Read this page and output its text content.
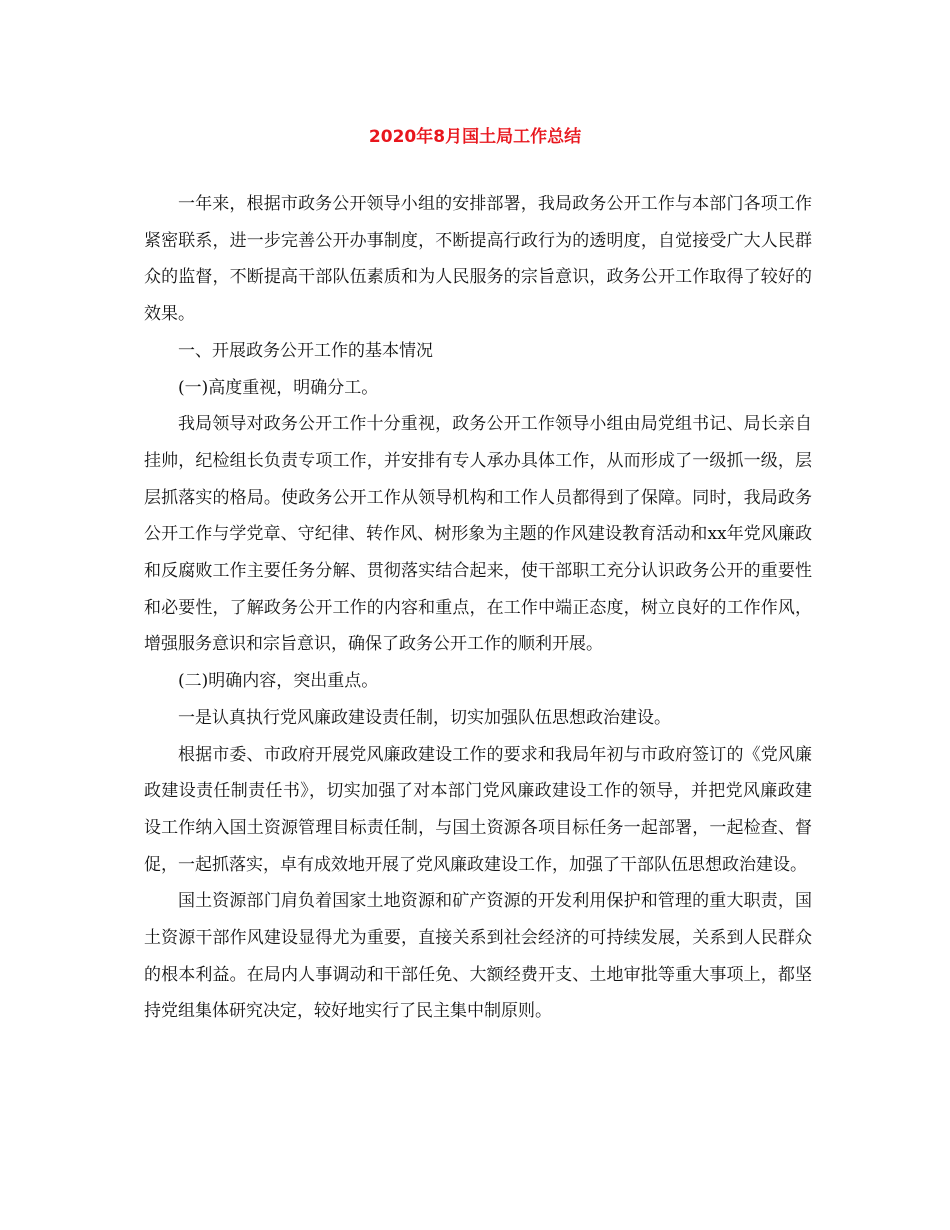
2020年8月国土局工作总结

一年来，根据市政务公开领导小组的安排部署，我局政务公开工作与本部门各项工作紧密联系，进一步完善公开办事制度，不断提高行政行为的透明度，自觉接受广大人民群众的监督，不断提高干部队伍素质和为人民服务的宗旨意识，政务公开工作取得了较好的效果。

一、开展政务公开工作的基本情况

(一)高度重视，明确分工。

我局领导对政务公开工作十分重视，政务公开工作领导小组由局党组书记、局长亲自挂帅，纪检组长负责专项工作，并安排有专人承办具体工作，从而形成了一级抓一级，层层抓落实的格局。使政务公开工作从领导机构和工作人员都得到了保障。同时，我局政务公开工作与学党章、守纪律、转作风、树形象为主题的作风建设教育活动和xx年党风廉政和反腐败工作主要任务分解、贯彻落实结合起来，使干部职工充分认识政务公开的重要性和必要性，了解政务公开工作的内容和重点，在工作中端正态度，树立良好的工作作风，增强服务意识和宗旨意识，确保了政务公开工作的顺利开展。

(二)明确内容，突出重点。

一是认真执行党风廉政建设责任制，切实加强队伍思想政治建设。

根据市委、市政府开展党风廉政建设工作的要求和我局年初与市政府签订的《党风廉政建设责任制责任书》，切实加强了对本部门党风廉政建设工作的领导，并把党风廉政建设工作纳入国土资源管理目标责任制，与国土资源各项目标任务一起部署，一起检查、督促，一起抓落实，卓有成效地开展了党风廉政建设工作，加强了干部队伍思想政治建设。

国土资源部门肩负着国家土地资源和矿产资源的开发利用保护和管理的重大职责，国土资源干部作风建设显得尤为重要，直接关系到社会经济的可持续发展，关系到人民群众的根本利益。在局内人事调动和干部任免、大额经费开支、土地审批等重大事项上，都坚持党组集体研究决定，较好地实行了民主集中制原则。
